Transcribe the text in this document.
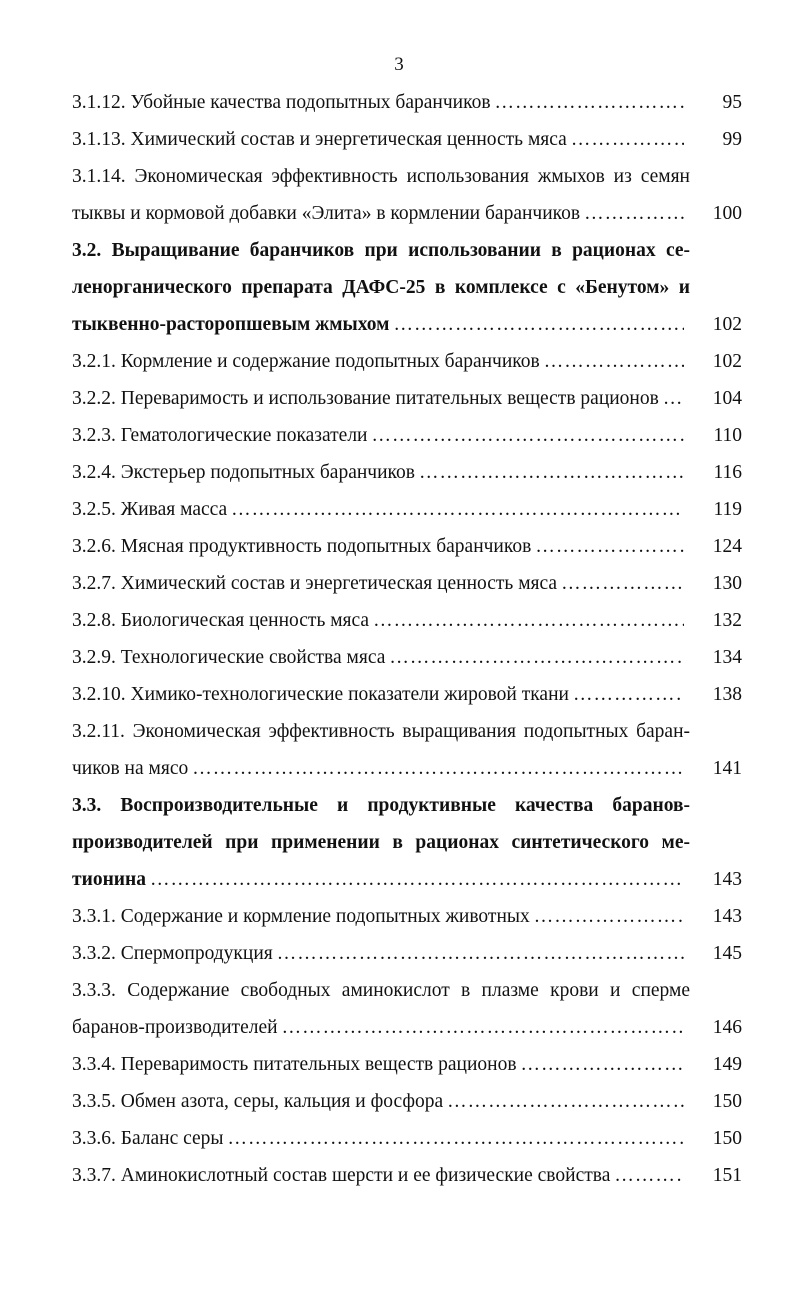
3
3.1.12. Убойные качества подопытных баранчиков …………………………………………………………………………………………………………………………………………………………	95
3.1.13. Химический состав и энергетическая ценность мяса …………………………………………………………………………………………………………………………………………………………	99
3.1.14. Экономическая эффективность использования жмыхов из семян
тыквы и кормовой добавки «Элита» в кормлении баранчиков …………………………………………………………………………………………………………………………………………………………	100
3.2. Выращивание баранчиков при использовании в рационах се-
ленорганического препарата ДАФС-25 в комплексе с «Бенутом» и
тыквенно-расторопшевым жмыхом …………………………………………………………………………………………………………………………………………………………	102
3.2.1. Кормление и содержание подопытных баранчиков …………………………………………………………………………………………………………………………………………………………	102
3.2.2. Переваримость и использование питательных веществ рационов …………………………………………………………………………………………………………………………………………………………	104
3.2.3. Гематологические показатели …………………………………………………………………………………………………………………………………………………………	110
3.2.4. Экстерьер подопытных баранчиков …………………………………………………………………………………………………………………………………………………………	116
3.2.5. Живая масса …………………………………………………………………………………………………………………………………………………………	119
3.2.6. Мясная продуктивность подопытных баранчиков …………………………………………………………………………………………………………………………………………………………	124
3.2.7. Химический состав и энергетическая ценность мяса …………………………………………………………………………………………………………………………………………………………	130
3.2.8. Биологическая ценность мяса …………………………………………………………………………………………………………………………………………………………	132
3.2.9. Технологические свойства мяса …………………………………………………………………………………………………………………………………………………………	134
3.2.10. Химико-технологические показатели жировой ткани …………………………………………………………………………………………………………………………………………………………	138
3.2.11. Экономическая эффективность выращивания подопытных баран-
чиков на мясо …………………………………………………………………………………………………………………………………………………………	141
3.3. Воспроизводительные и продуктивные качества баранов-
производителей при применении в рационах синтетического ме-
тионина …………………………………………………………………………………………………………………………………………………………	143
3.3.1. Содержание и кормление подопытных животных …………………………………………………………………………………………………………………………………………………………	143
3.3.2. Спермопродукция …………………………………………………………………………………………………………………………………………………………	145
3.3.3. Содержание свободных аминокислот в плазме крови и сперме
баранов-производителей …………………………………………………………………………………………………………………………………………………………	146
3.3.4. Переваримость питательных веществ рационов …………………………………………………………………………………………………………………………………………………………	149
3.3.5. Обмен азота, серы, кальция и фосфора …………………………………………………………………………………………………………………………………………………………	150
3.3.6. Баланс серы …………………………………………………………………………………………………………………………………………………………	150
3.3.7. Аминокислотный состав шерсти и ее физические свойства …………………………………………………………………………………………………………………………………………………………	151
